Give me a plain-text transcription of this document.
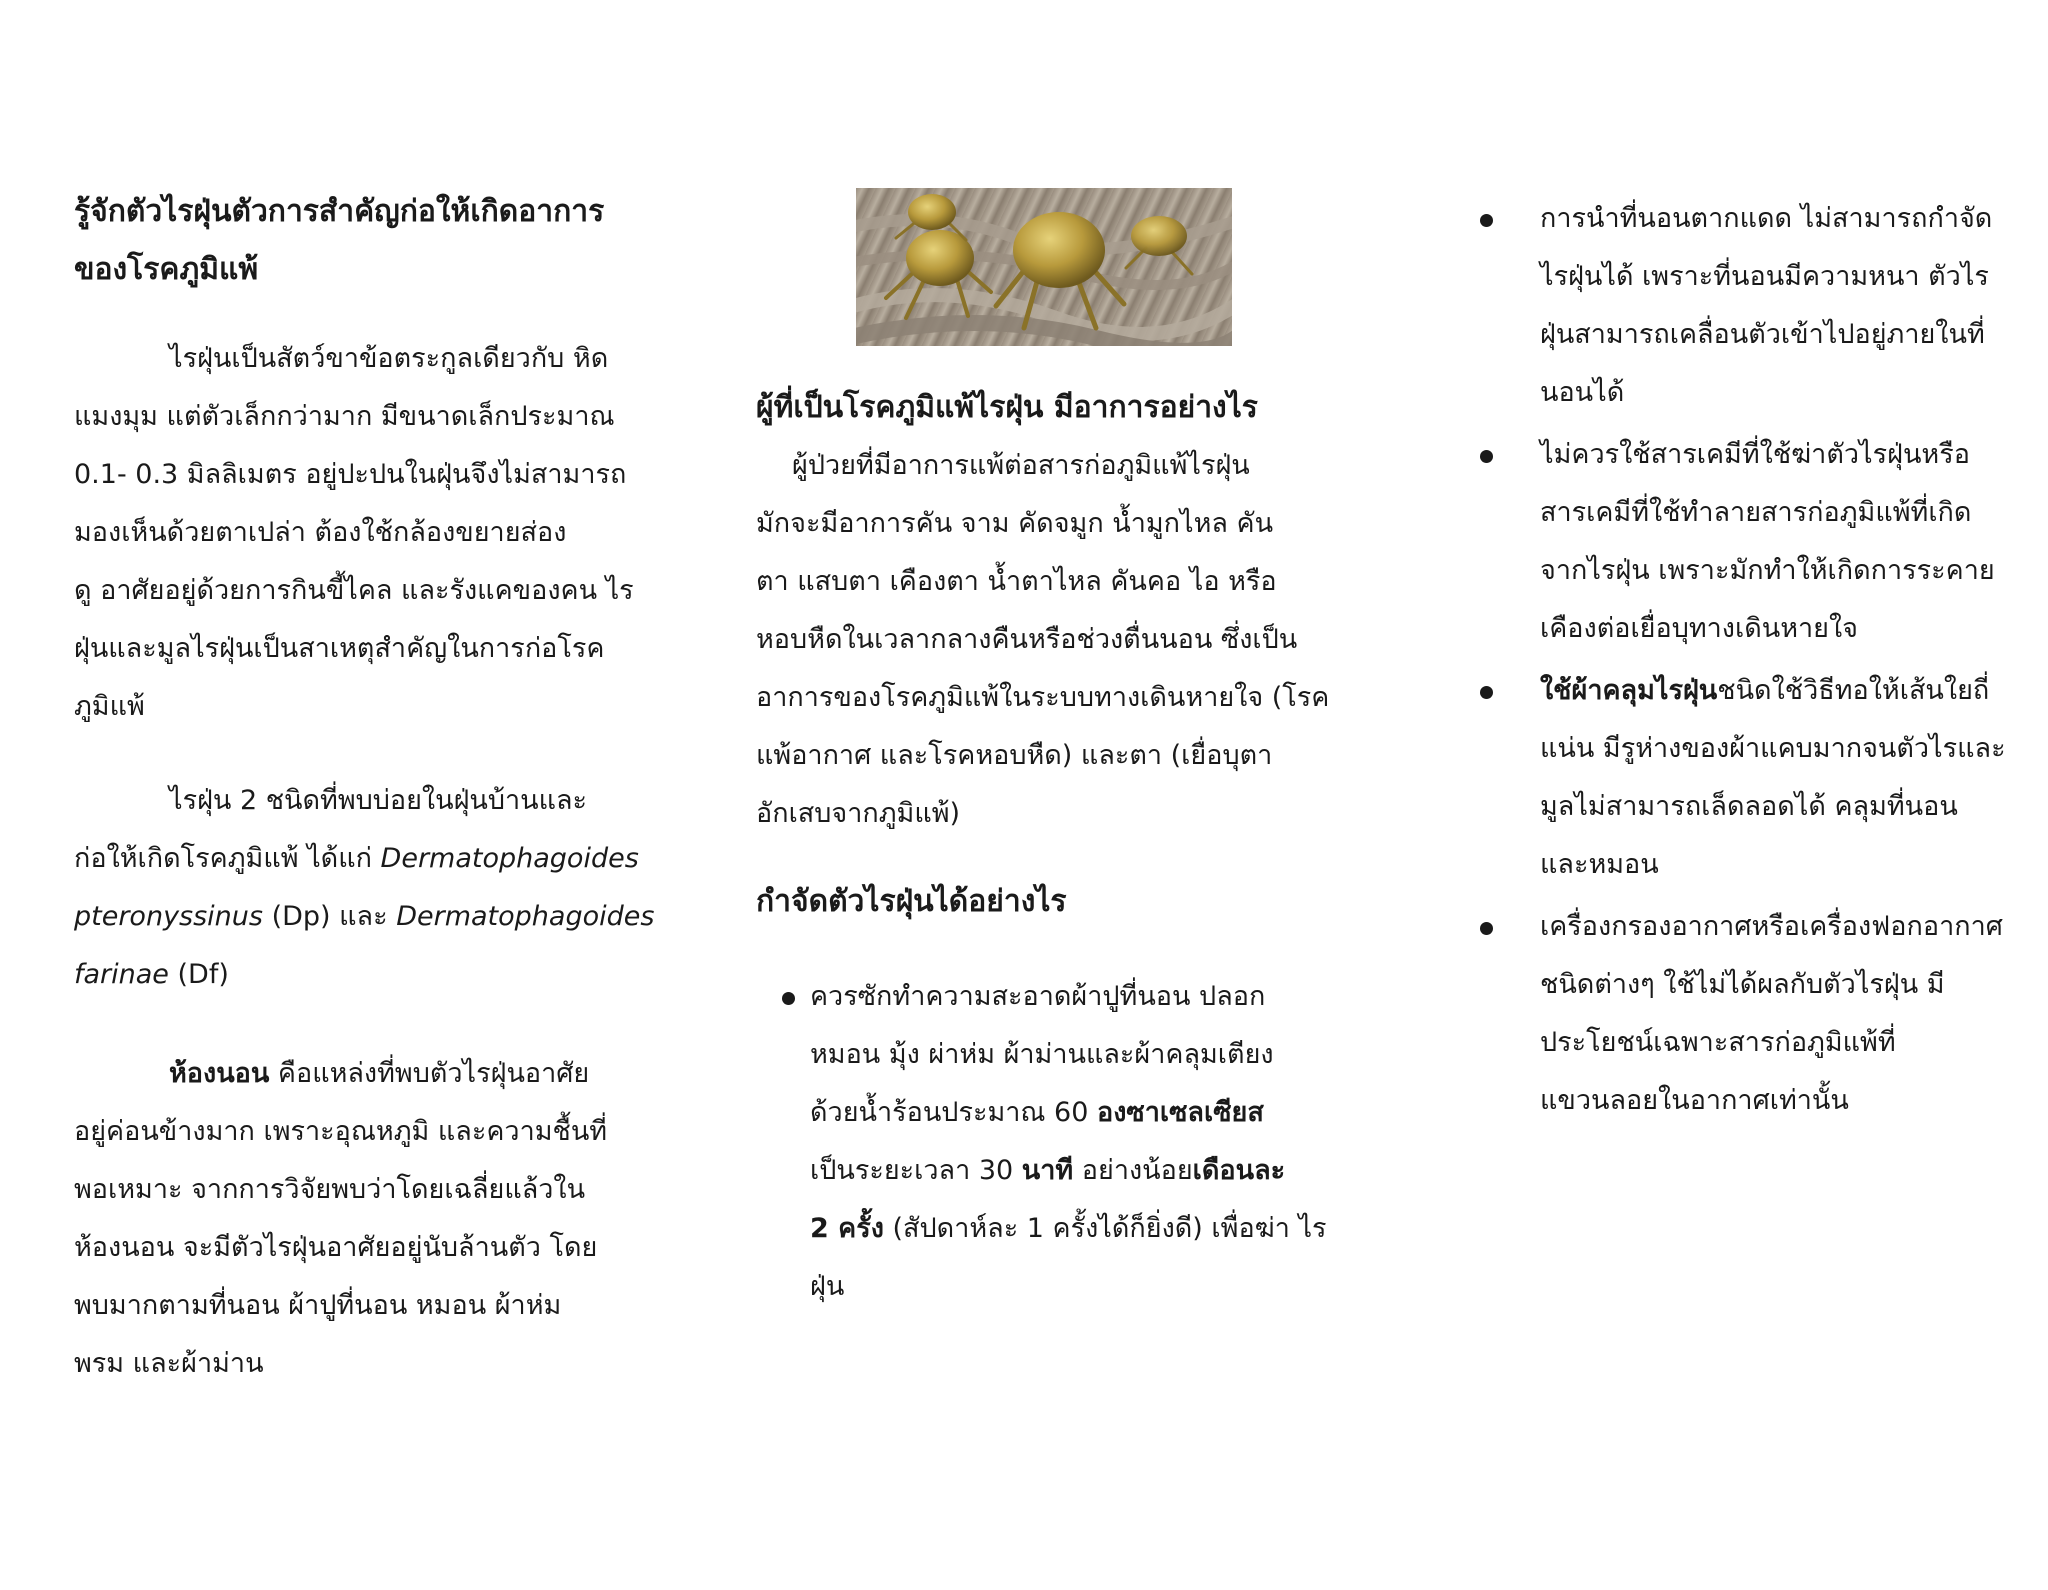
รู้จักตัวไรฝุ่นตัวการสำคัญก่อให้เกิดอาการ
ของโรคภูมิแพ้
ไรฝุ่นเป็นสัตว์ขาข้อตระกูลเดียวกับ หิด
แมงมุม แต่ตัวเล็กกว่ามาก มีขนาดเล็กประมาณ
0.1- 0.3 มิลลิเมตร อยู่ปะปนในฝุ่นจึงไม่สามารถ
มองเห็นด้วยตาเปล่า ต้องใช้กล้องขยายส่อง
ดู อาศัยอยู่ด้วยการกินขี้ไคล และรังแคของคน ไร
ฝุ่นและมูลไรฝุ่นเป็นสาเหตุสำคัญในการก่อโรค
ภูมิแพ้
ไรฝุ่น 2 ชนิดที่พบบ่อยในฝุ่นบ้านและ
ก่อให้เกิดโรคภูมิแพ้ ได้แก่ Dermatophagoides
pteronyssinus (Dp) และ Dermatophagoides
farinae (Df)
ห้องนอน คือแหล่งที่พบตัวไรฝุ่นอาศัย
อยู่ค่อนข้างมาก เพราะอุณหภูมิ และความชื้นที่
พอเหมาะ จากการวิจัยพบว่าโดยเฉลี่ยแล้วใน
ห้องนอน จะมีตัวไรฝุ่นอาศัยอยู่นับล้านตัว โดย
พบมากตามที่นอน ผ้าปูที่นอน หมอน ผ้าห่ม
พรม และผ้าม่าน
ผู้ที่เป็นโรคภูมิแพ้ไรฝุ่น มีอาการอย่างไร
ผู้ป่วยที่มีอาการแพ้ต่อสารก่อภูมิแพ้ไรฝุ่น
มักจะมีอาการคัน จาม คัดจมูก น้ำมูกไหล คัน
ตา แสบตา เคืองตา น้ำตาไหล คันคอ ไอ หรือ
หอบหืดในเวลากลางคืนหรือช่วงตื่นนอน ซึ่งเป็น
อาการของโรคภูมิแพ้ในระบบทางเดินหายใจ (โรค
แพ้อากาศ และโรคหอบหืด) และตา (เยื่อบุตา
อักเสบจากภูมิแพ้)
กำจัดตัวไรฝุ่นได้อย่างไร
ควรซักทำความสะอาดผ้าปูที่นอน ปลอก
หมอน มุ้ง ผ่าห่ม ผ้าม่านและผ้าคลุมเตียง
ด้วยน้ำร้อนประมาณ 60 องซาเซลเซียส
เป็นระยะเวลา 30 นาที อย่างน้อยเดือนละ
2 ครั้ง (สัปดาห์ละ 1 ครั้งได้ก็ยิ่งดี) เพื่อฆ่า ไร
ฝุ่น
การนำที่นอนตากแดด ไม่สามารถกำจัด
ไรฝุ่นได้ เพราะที่นอนมีความหนา ตัวไร
ฝุ่นสามารถเคลื่อนตัวเข้าไปอยู่ภายในที่
นอนได้
ไม่ควรใช้สารเคมีที่ใช้ฆ่าตัวไรฝุ่นหรือ
สารเคมีที่ใช้ทำลายสารก่อภูมิแพ้ที่เกิด
จากไรฝุ่น เพราะมักทำให้เกิดการระคาย
เคืองต่อเยื่อบุทางเดินหายใจ
ใช้ผ้าคลุมไรฝุ่นชนิดใช้วิธีทอให้เส้นใยถี่
แน่น มีรูห่างของผ้าแคบมากจนตัวไรและ
มูลไม่สามารถเล็ดลอดได้ คลุมที่นอน
และหมอน
เครื่องกรองอากาศหรือเครื่องฟอกอากาศ
ชนิดต่างๆ ใช้ไม่ได้ผลกับตัวไรฝุ่น มี
ประโยชน์เฉพาะสารก่อภูมิแพ้ที่
แขวนลอยในอากาศเท่านั้น
